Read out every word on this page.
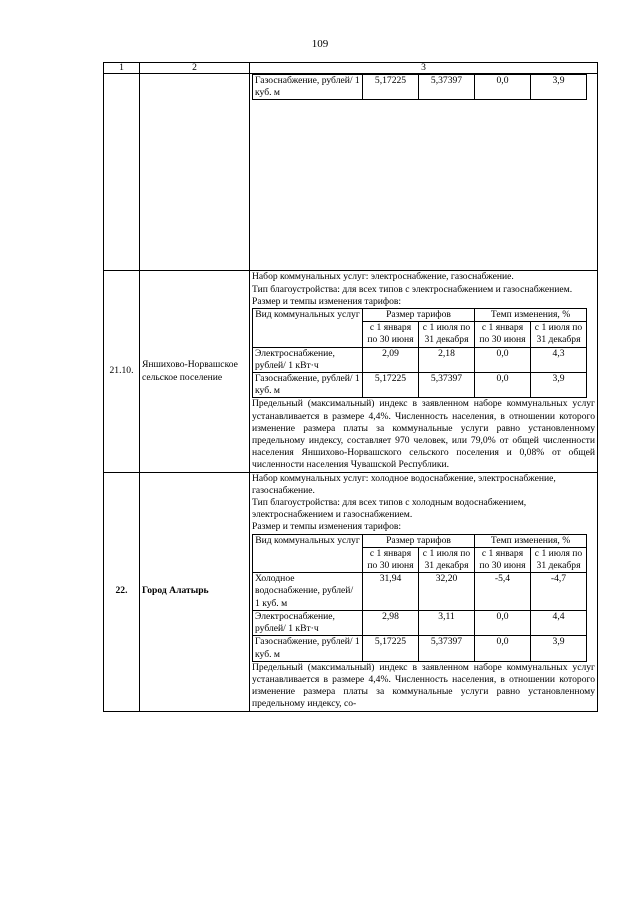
109
1	2	3

Газоснабжение, рублей/ 1 куб. м	5,17225	5,37397	0,0	3,9

21.10.	Яншихово-Норвашское сельское поселение	

Набор коммунальных услуг: электроснабжение, газоснабжение.

Тип благоустройства: для всех типов с электроснабжением и газоснабжением.

Размер и темпы изменения тарифов:

Вид коммунальных услуг	Размер тарифов	Темп изменения, %
с 1 января по 30 июня	с 1 июля по 31 декабря	с 1 января по 30 июня	с 1 июля по 31 декабря
Электроснабжение, рублей/ 1 кВт·ч	2,09	2,18	0,0	4,3
Газоснабжение, рублей/ 1 куб. м	5,17225	5,37397	0,0	3,9

Предельный (максимальный) индекс в заявленном наборе коммунальных услуг устанавливается в размере 4,4%. Численность населения, в отношении которого изменение размера платы за коммунальные услуги равно установленному предельному индексу, составляет 970 человек, или 79,0% от общей численности населения Яншихово-Норвашского сельского поселения и 0,08% от общей численности населения Чувашской Республики.

22.	Город Алатырь	

Набор коммунальных услуг: холодное водоснабжение, электроснабжение, газоснабжение.

Тип благоустройства: для всех типов с холодным водоснабжением, электроснабжением и газоснабжением.

Размер и темпы изменения тарифов:

Вид коммунальных услуг	Размер тарифов	Темп изменения, %
с 1 января по 30 июня	с 1 июля по 31 декабря	с 1 января по 30 июня	с 1 июля по 31 декабря
Холодное водоснабжение, рублей/ 1 куб. м	31,94	32,20	-5,4	-4,7
Электроснабжение, рублей/ 1 кВт·ч	2,98	3,11	0,0	4,4
Газоснабжение, рублей/ 1 куб. м	5,17225	5,37397	0,0	3,9

Предельный (максимальный) индекс в заявленном наборе коммунальных услуг устанавливается в размере 4,4%. Численность населения, в отношении которого изменение размера платы за коммунальные услуги равно установленному предельному индексу, со-
